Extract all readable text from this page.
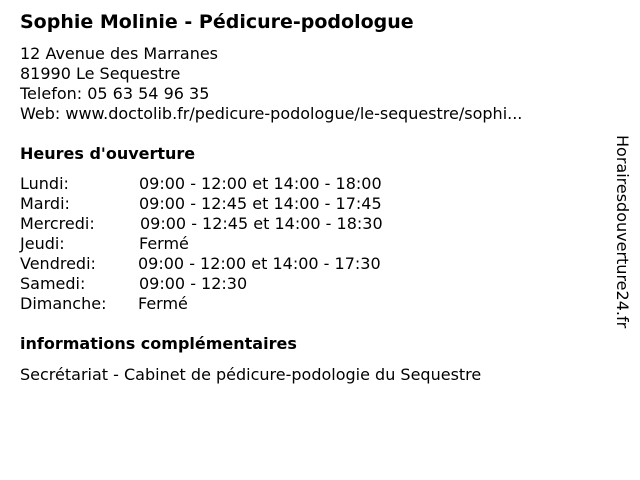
Sophie Molinie - Pédicure-podologue
12 Avenue des Marranes
81990 Le Sequestre
Telefon: 05 63 54 96 35
Web: www.doctolib.fr/pedicure-podologue/le-sequestre/sophi...
Heures d'ouverture
Lundi:	09:00 - 12:00 et 14:00 - 18:00
Mardi:	09:00 - 12:45 et 14:00 - 17:45
Mercredi:	09:00 - 12:45 et 14:00 - 18:30
Jeudi:	Fermé
Vendredi:	09:00 - 12:00 et 14:00 - 17:30
Samedi:	09:00 - 12:30
Dimanche: Fermé
informations complémentaires
Secrétariat - Cabinet de pédicure-podologie du Sequestre
Horairesdouverture24.fr
